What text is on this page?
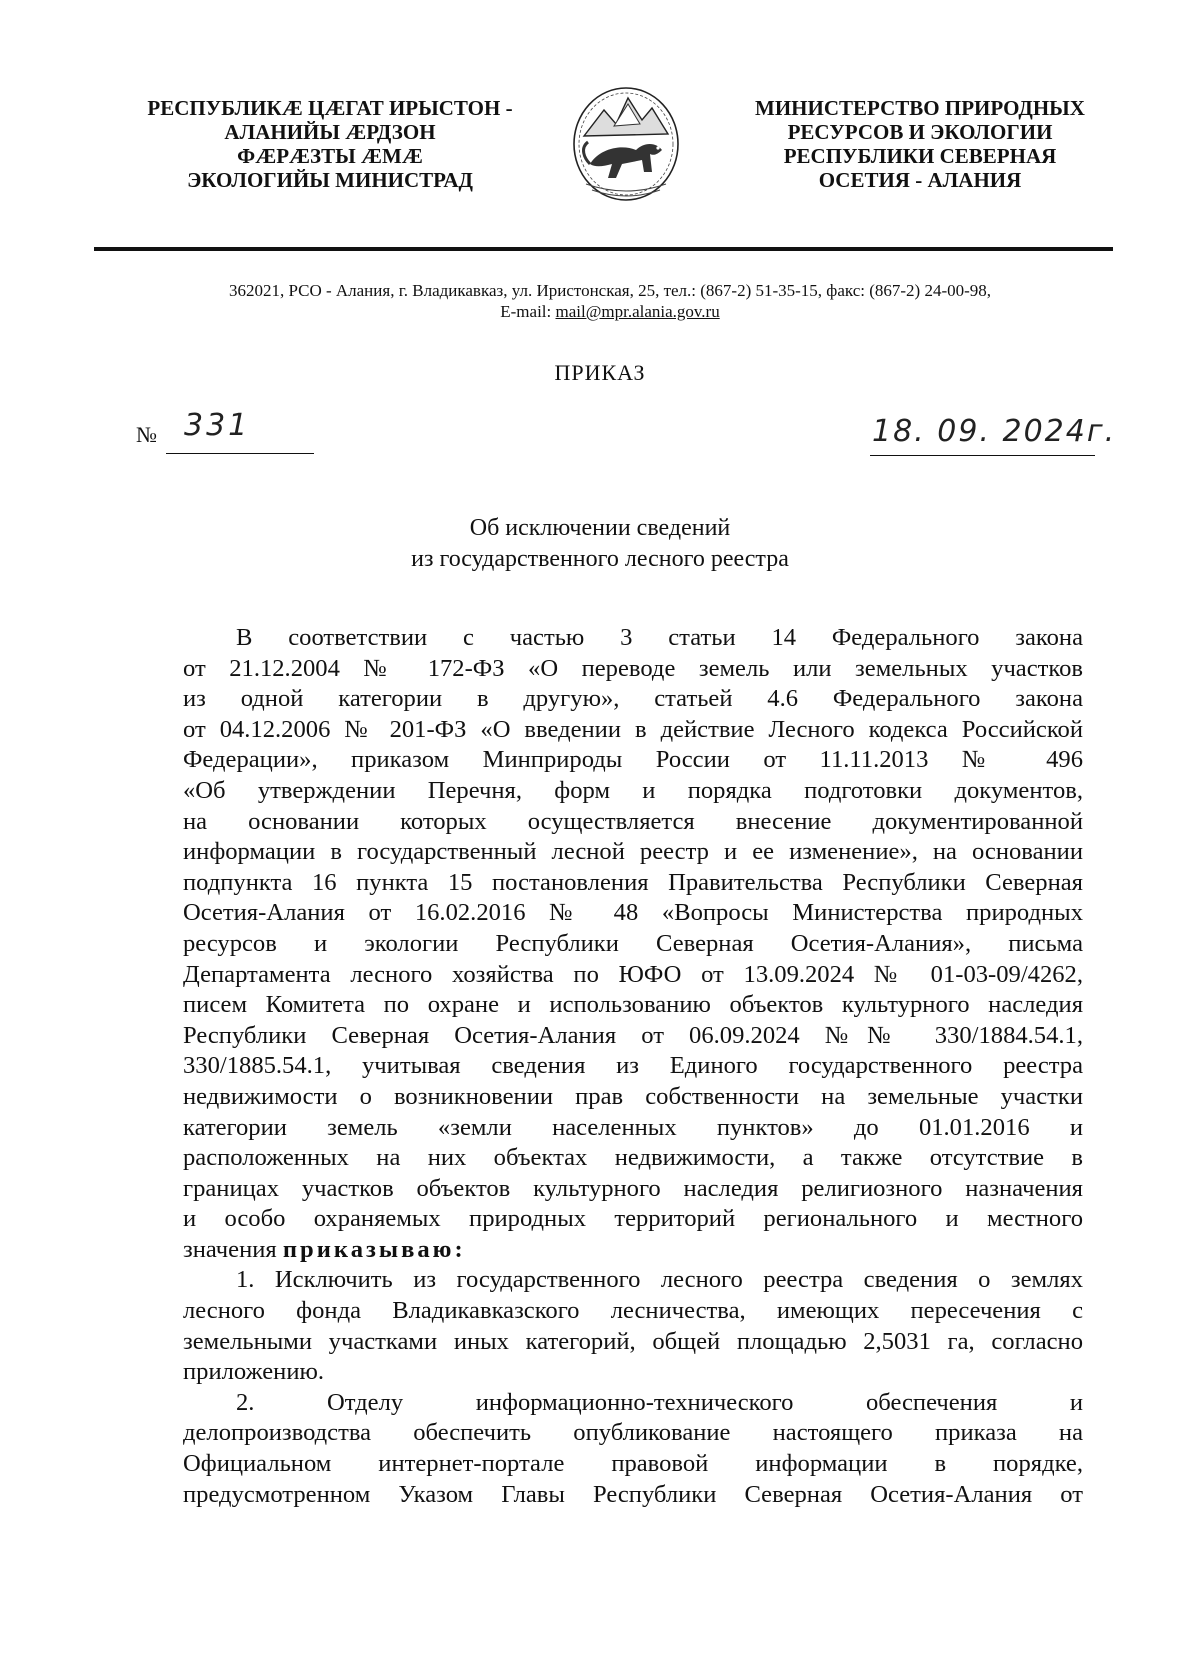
РЕСПУБЛИКӔ ЦӔГАТ ИРЫСТОН -
АЛАНИЙЫ ӔРДЗОН
ФӔРӔЗТЫ ӔМӔ
ЭКОЛОГИЙЫ МИНИСТРАД
МИНИСТЕРСТВО ПРИРОДНЫХ
РЕСУРСОВ И ЭКОЛОГИИ
РЕСПУБЛИКИ СЕВЕРНАЯ
ОСЕТИЯ - АЛАНИЯ
362021, РСО - Алания, г. Владикавказ, ул. Иристонская, 25, тел.: (867-2) 51-35-15, факс: (867-2) 24-00-98,
E-mail: mail@mpr.alania.gov.ru
ПРИКАЗ
№ 331	18. 09. 2024г.
Об исключении сведений
из государственного лесного реестра
В соответствии с частью 3 статьи 14 Федерального закона
от 21.12.2004 № 172-ФЗ «О переводе земель или земельных участков
из одной категории в другую», статьей 4.6 Федерального закона
от 04.12.2006 № 201-ФЗ «О введении в действие Лесного кодекса Российской
Федерации», приказом Минприроды России от 11.11.2013 № 496
«Об утверждении Перечня, форм и порядка подготовки документов,
на основании которых осуществляется внесение документированной
информации в государственный лесной реестр и ее изменение», на основании
подпункта 16 пункта 15 постановления Правительства Республики Северная
Осетия-Алания от 16.02.2016 № 48 «Вопросы Министерства природных
ресурсов и экологии Республики Северная Осетия-Алания», письма
Департамента лесного хозяйства по ЮФО от 13.09.2024 № 01-03-09/4262,
писем Комитета по охране и использованию объектов культурного наследия
Республики Северная Осетия-Алания от 06.09.2024 №№ 330/1884.54.1,
330/1885.54.1, учитывая сведения из Единого государственного реестра
недвижимости о возникновении прав собственности на земельные участки
категории земель «земли населенных пунктов» до 01.01.2016 и
расположенных на них объектах недвижимости, а также отсутствие в
границах участков объектов культурного наследия религиозного назначения
и особо охраняемых природных территорий регионального и местного
значения приказываю:
1. Исключить из государственного лесного реестра сведения о землях
лесного фонда Владикавказского лесничества, имеющих пересечения с
земельными участками иных категорий, общей площадью 2,5031 га, согласно
приложению.
2. Отделу информационно-технического обеспечения и
делопроизводства обеспечить опубликование настоящего приказа на
Официальном интернет-портале правовой информации в порядке,
предусмотренном Указом Главы Республики Северная Осетия-Алания от
